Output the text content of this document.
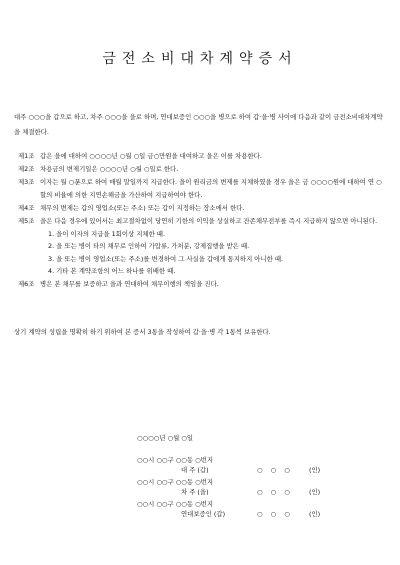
금전소비대차계약증서
대주 ○○○을 갑으로 하고, 차주 ○○○을 을로 하며, 연대보증인 ○○○을 병으로 하여 갑·을·병 사이에 다음과 같이 금전소비대차계약을 체결한다.
제1조 갑은 을에 대하여 ○○○○년 ○월 ○일 금○만원을 대여하고 을은 이를 차용한다.
제2조 차용금의 변제기일은 ○○○○년 ○월 ○일로 한다.
제3조 이자는 월 ○푼으로 하여 매월 말일까지 지급한다. 을이 원리금의 변제를 지체하였을 경우 을은 금 ○○○○원에 대하여 연 ○할의 비율에 의한 지연손해금을 가산하여 지급하여야 한다.
제4조 채무의 변제는 갑의 영업소(또는 주소) 또는 갑이 지정하는 장소에서 한다.
제5조 을은 다음 경우에 있어서는 최고절차없이 당연히 기한의 이익을 상실하고 잔존채무전부를 즉시 지급하지 않으면 아니된다.
1. 을이 이자의 지급을 1회이상 지체한 때.
2. 을 또는 병이 타의 채무로 인하여 가압류, 가처분, 강제집행을 받은 때.
3. 을 또는 병이 영업소(또는 주소)를 변경하여 그 사실을 갑에게 통지하지 아니한 때.
4. 기타 본 계약조항의 어느 하나를 위배한 때.
제6조 병은 본 채무를 보증하고 을과 연대하여 채무이행의 책임을 진다.
상기 계약의 성립을 명확히 하기 위하여 본 증서 3통을 작성하여 갑·을·병 각 1통씩 보유한다.
○○○○년 ○월 ○일
○○시 ○○구 ○○동 ○번지
대 주 (갑)	○ ○ ○	(인)
○○시 ○○구 ○○동 ○번지
차 주 (을)	○ ○ ○	(인)
○○시 ○○구 ○○동 ○번지
연대보증인 (갑)	○ ○ ○	(인)
